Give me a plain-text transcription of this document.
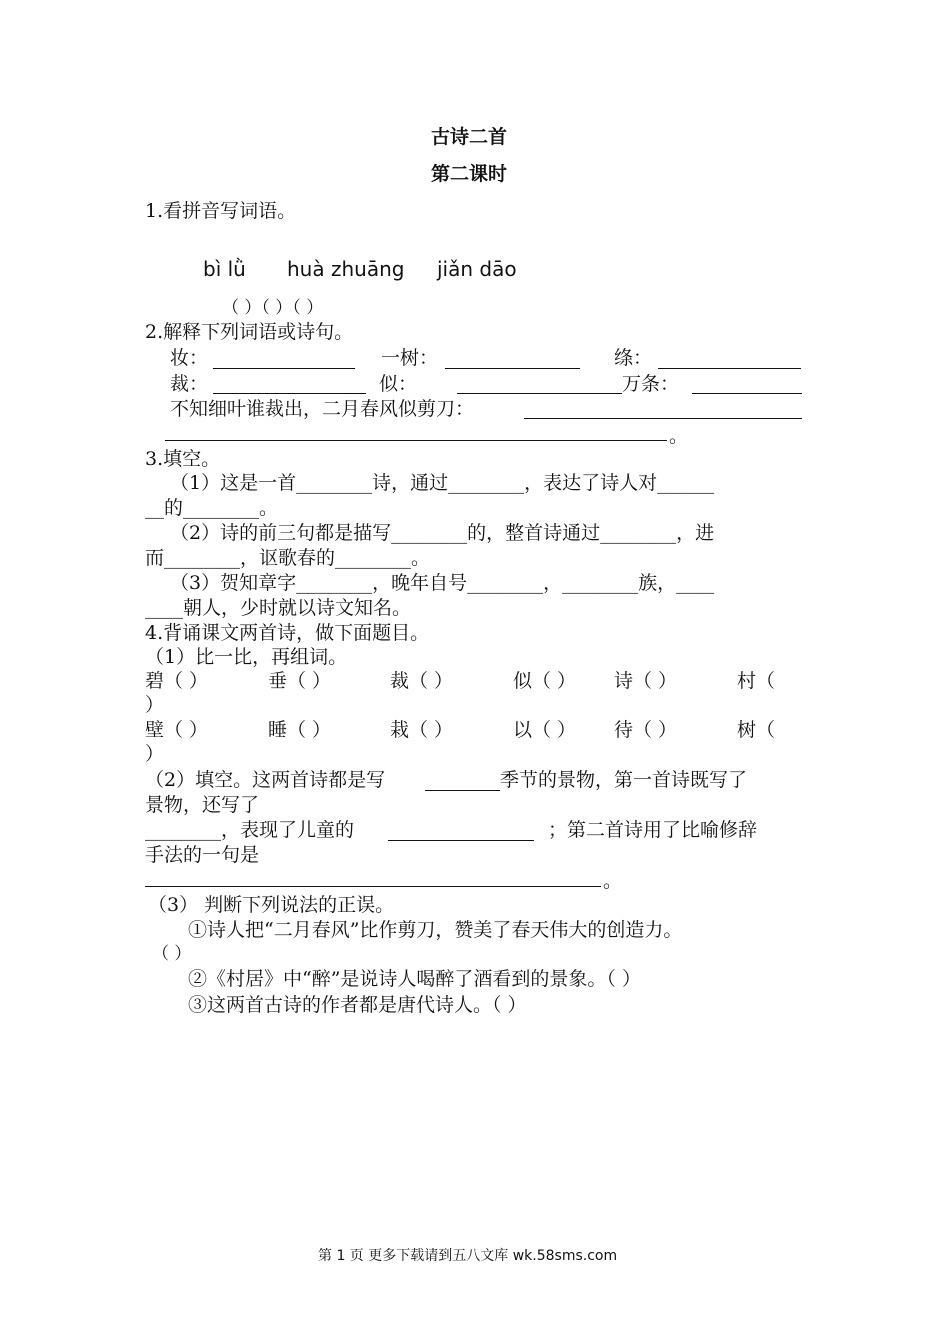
古诗二首
第二课时
1.看拼音写词语。
bì lǜ huà zhuāng jiǎn dāo
（ ）（ ）（ ）
2.解释下列词语或诗句。
妆：	一树：	绦：
裁：	似：	万条：
不知细叶谁裁出，二月春风似剪刀：
。
3.填空。
（1）这是一首________诗，通过________，表达了诗人对______
__的________。
（2）诗的前三句都是描写________的，整首诗通过________，进
而________，讴歌春的________。
（3）贺知章字________，晚年自号________，________族，____
____朝人，少时就以诗文知名。
4.背诵课文两首诗，做下面题目。
（1）比一比，再组词。
碧（ ）	垂（ ）	裁（ ）	似（ ） 诗（ ）	村（
）
壁（ ）	睡（ ）	栽（ ）	以（ ） 待（ ）	树（
）
（2）填空。这两首诗都是写	季节的景物，第一首诗既写了
景物，还写了
________，表现了儿童的	；第二首诗用了比喻修辞
手法的一句是
。
（3） 判断下列说法的正误。
①诗人把“二月春风”比作剪刀，赞美了春天伟大的创造力。
（ ）
②《村居》中“醉”是说诗人喝醉了酒看到的景象。（ ）
③这两首古诗的作者都是唐代诗人。（ ）
第 1 页 更多下载请到五八文库 wk.58sms.com
